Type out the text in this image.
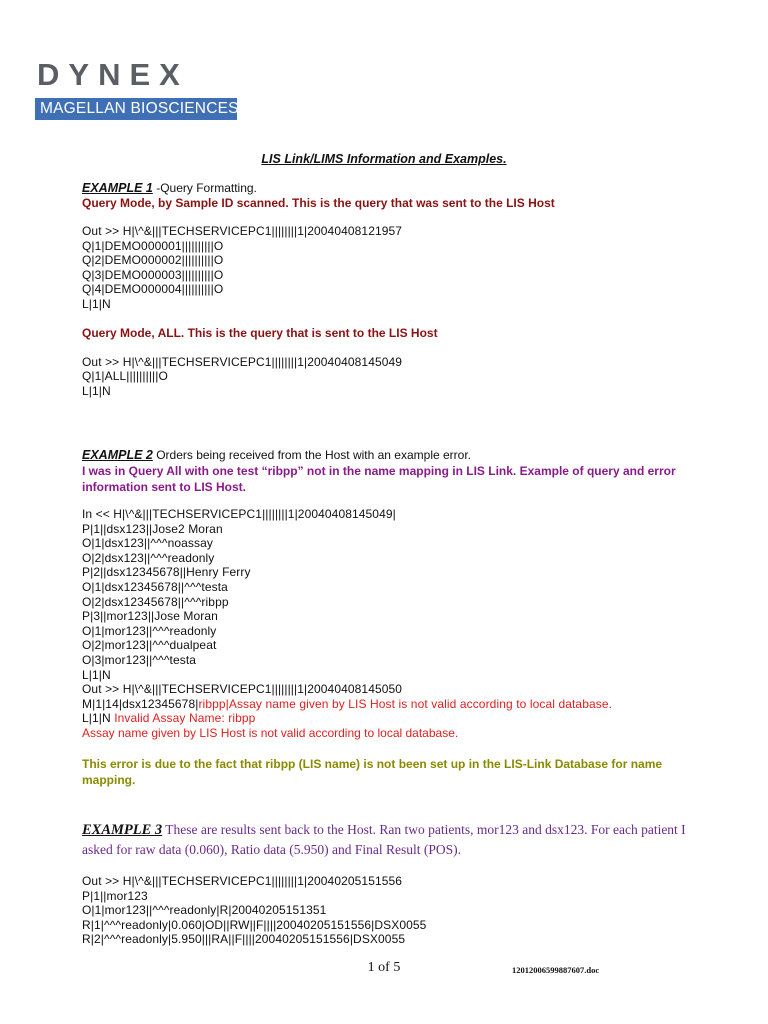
DYNEX
MAGELLAN BIOSCIENCES
LIS Link/LIMS Information and Examples.
EXAMPLE 1 -Query Formatting.
Query Mode, by Sample ID scanned. This is the query that was sent to the LIS Host
Out >> H|\^&|||TECHSERVICEPC1||||||||1|20040408121957
Q|1|DEMO000001||||||||||O
Q|2|DEMO000002||||||||||O
Q|3|DEMO000003||||||||||O
Q|4|DEMO000004||||||||||O
L|1|N
Query Mode, ALL. This is the query that is sent to the LIS Host
Out >> H|\^&|||TECHSERVICEPC1||||||||1|20040408145049
Q|1|ALL||||||||||O
L|1|N
EXAMPLE 2 Orders being received from the Host with an example error.
I was in Query All with one test “ribpp” not in the name mapping in LIS Link. Example of query and error information sent to LIS Host.
In << H|\^&|||TECHSERVICEPC1||||||||1|20040408145049|
P|1||dsx123||Jose2 Moran
O|1|dsx123||^^^noassay
O|2|dsx123||^^^readonly
P|2||dsx12345678||Henry Ferry
O|1|dsx12345678||^^^testa
O|2|dsx12345678||^^^ribpp
P|3||mor123||Jose Moran
O|1|mor123||^^^readonly
O|2|mor123||^^^dualpeat
O|3|mor123||^^^testa
L|1|N
Out >> H|\^&|||TECHSERVICEPC1||||||||1|20040408145050
M|1|14|dsx12345678|ribpp|Assay name given by LIS Host is not valid according to local database.
L|1|N Invalid Assay Name: ribpp
Assay name given by LIS Host is not valid according to local database.
This error is due to the fact that ribpp (LIS name) is not been set up in the LIS-Link Database for name mapping.
EXAMPLE 3 These are results sent back to the Host. Ran two patients, mor123 and dsx123. For each patient I asked for raw data (0.060), Ratio data (5.950) and Final Result (POS).
Out >> H|\^&|||TECHSERVICEPC1||||||||1|20040205151556
P|1||mor123
O|1|mor123||^^^readonly|R|20040205151351
R|1|^^^readonly|0.060|OD||RW||F||||20040205151556|DSX0055
R|2|^^^readonly|5.950|||RA||F||||20040205151556|DSX0055
1 of 5	12012006599887607.doc
